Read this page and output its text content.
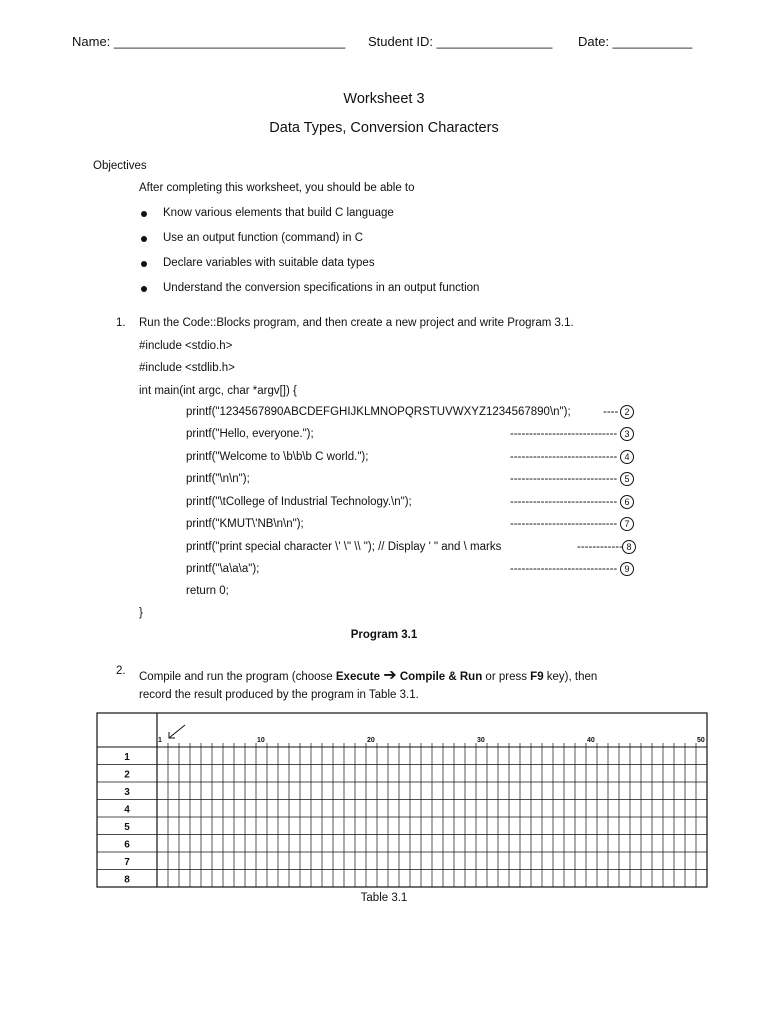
Name: ________________________________ Student ID: ________________ Date: ___________
Worksheet 3
Data Types, Conversion Characters
Objectives
After completing this worksheet, you should be able to
Know various elements that build C language
Use an output function (command) in C
Declare variables with suitable data types
Understand the conversion specifications in an output function
1. Run the Code::Blocks program, and then create a new project and write Program 3.1.
#include <stdio.h>
#include <stdlib.h>
int main(int argc, char *argv[]) {
printf("1234567890ABCDEFGHIJKLMNOPQRSTUVWXYZ1234567890\n");	---- 2
printf("Hello, everyone.");	---------------------------- 3
printf("Welcome to \b\b\b C world.");	---------------------------- 4
printf("\n\n");	---------------------------- 5
printf("\tCollege of Industrial Technology.\n");	---------------------------- 6
printf("KMUT\'NB\n\n");	---------------------------- 7
printf("print special character \' \" \\ "); // Display ' " and \ marks	------------ 8
printf("\a\a\a");	---------------------------- 9
return 0;
}
Program 3.1
2. Compile and run the program (choose Execute ➔ Compile & Run or press F9 key), then
record the result produced by the program in Table 3.1.
1	10	20	30	40	50
1
2
3
4
5
6
7
8
Table 3.1
